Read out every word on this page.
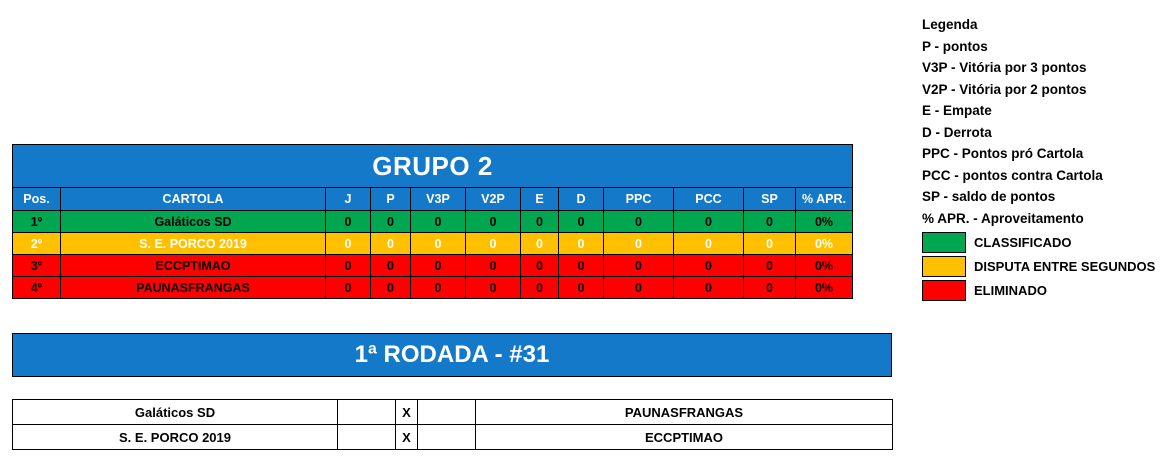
GRUPO 2											
Pos.	CARTOLA	J	P	V3P	V2P	E	D	PPC	PCC	SP	% APR.
1º	Galáticos SD	0	0	0	0	0	0	0	0	0	0%
2º	S. E. PORCO 2019	0	0	0	0	0	0	0	0	0	0%
3º	ECCPTIMAO	0	0	0	0	0	0	0	0	0	0%
4º	PAUNASFRANGAS	0	0	0	0	0	0	0	0	0	0%
1ª RODADA - #31
Galáticos SD		X		PAUNASFRANGAS
S. E. PORCO 2019		X		ECCPTIMAO
Legenda
P - pontos
V3P - Vitória por 3 pontos
V2P - Vitória por 2 pontos
E - Empate
D - Derrota
PPC - Pontos pró Cartola
PCC - pontos contra Cartola
SP - saldo de pontos
% APR. - Aproveitamento
CLASSIFICADO
DISPUTA ENTRE SEGUNDOS
ELIMINADO
